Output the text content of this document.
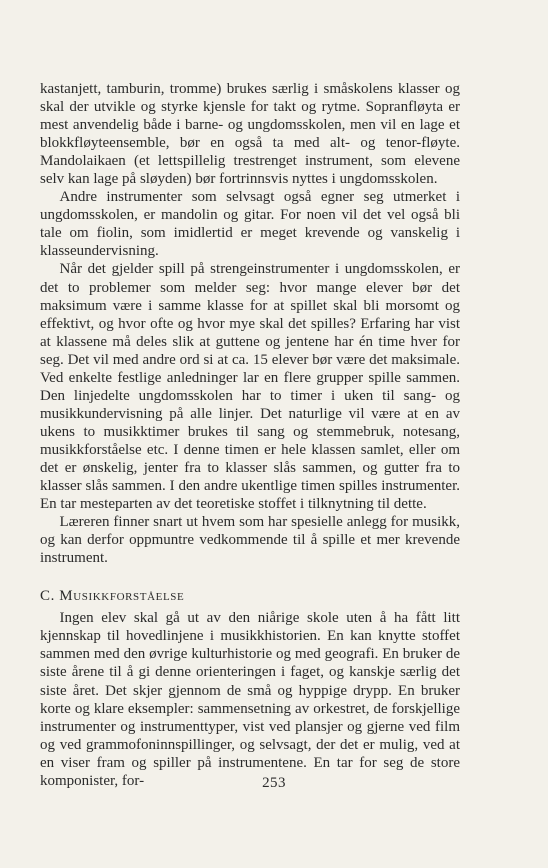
kastanjett, tamburin, tromme) brukes særlig i småskolens klasser og skal der utvikle og styrke kjensle for takt og rytme. Sopranfløyta er mest anvendelig både i barne- og ungdomsskolen, men vil en lage et blokkfløyteensemble, bør en også ta med alt- og tenor-fløyte. Mandolaikaen (et lettspillelig trestrenget instrument, som elevene selv kan lage på sløyden) bør fortrinnsvis nyttes i ungdomsskolen.

Andre instrumenter som selvsagt også egner seg utmerket i ungdomsskolen, er mandolin og gitar. For noen vil det vel også bli tale om fiolin, som imidlertid er meget krevende og vanskelig i klasseundervisning.

Når det gjelder spill på strengeinstrumenter i ungdomsskolen, er det to problemer som melder seg: hvor mange elever bør det maksimum være i samme klasse for at spillet skal bli morsomt og effektivt, og hvor ofte og hvor mye skal det spilles? Erfaring har vist at klassene må deles slik at guttene og jentene har én time hver for seg. Det vil med andre ord si at ca. 15 elever bør være det maksimale. Ved enkelte festlige anledninger lar en flere grupper spille sammen. Den linjedelte ungdomsskolen har to timer i uken til sang- og musikkundervisning på alle linjer. Det naturlige vil være at en av ukens to musikktimer brukes til sang og stemmebruk, notesang, musikkforståelse etc. I denne timen er hele klassen samlet, eller om det er ønskelig, jenter fra to klasser slås sammen, og gutter fra to klasser slås sammen. I den andre ukentlige timen spilles instrumenter. En tar mesteparten av det teoretiske stoffet i tilknytning til dette.

Læreren finner snart ut hvem som har spesielle anlegg for musikk, og kan derfor oppmuntre vedkommende til å spille et mer krevende instrument.

C. Musikkforståelse

Ingen elev skal gå ut av den niårige skole uten å ha fått litt kjennskap til hovedlinjene i musikkhistorien. En kan knytte stoffet sammen med den øvrige kulturhistorie og med geografi. En bruker de siste årene til å gi denne orienteringen i faget, og kanskje særlig det siste året. Det skjer gjennom de små og hyppige drypp. En bruker korte og klare eksempler: sammensetning av orkestret, de forskjellige instrumenter og instrumenttyper, vist ved plansjer og gjerne ved film og ved grammofoninnspillinger, og selvsagt, der det er mulig, ved at en viser fram og spiller på instrumentene. En tar for seg de store komponister, for-	253
